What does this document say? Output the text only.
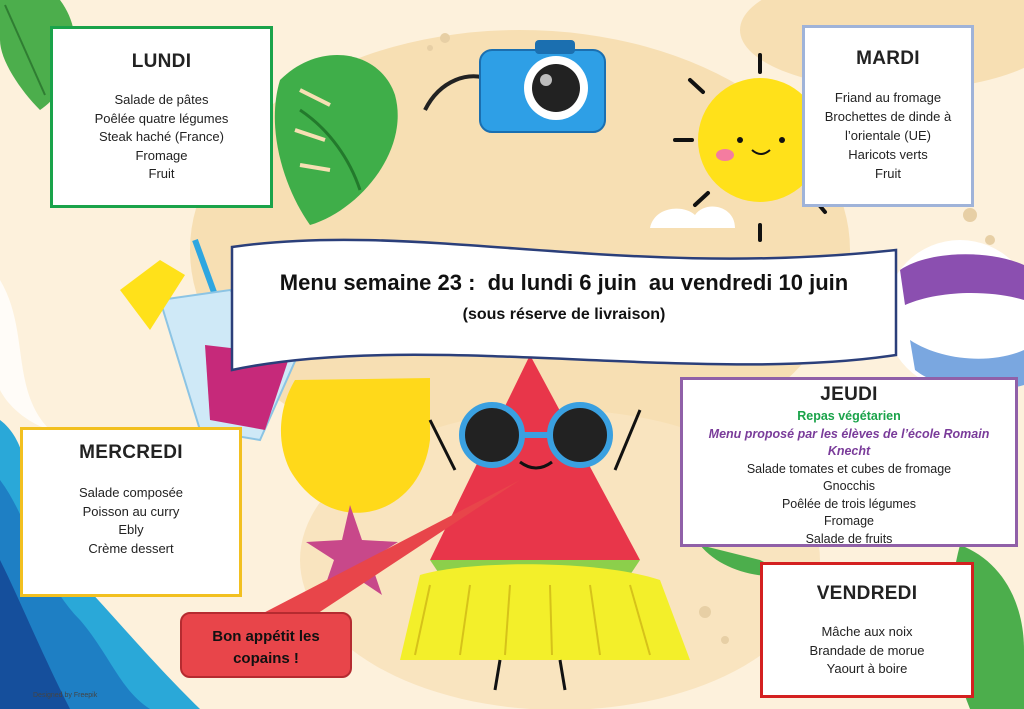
Menu semaine 23 :  du lundi 6 juin  au vendredi 10 juin
(sous réserve de livraison)
LUNDI
Salade de pâtes
Poêlée quatre légumes
Steak haché (France)
Fromage
Fruit
MARDI
Friand au fromage
Brochettes de dinde à
l’orientale (UE)
Haricots verts
Fruit
MERCREDI
Salade composée
Poisson au curry
Ebly
Crème dessert
JEUDI
Repas végétarien
Menu proposé par les élèves de l’école Romain
Knecht
Salade tomates et cubes de fromage
Gnocchis
Poêlée de trois légumes
Fromage
Salade de fruits
VENDREDI
Mâche aux noix
Brandade de morue
Yaourt à boire
Bon appétit les
copains !
Designed by Freepik
